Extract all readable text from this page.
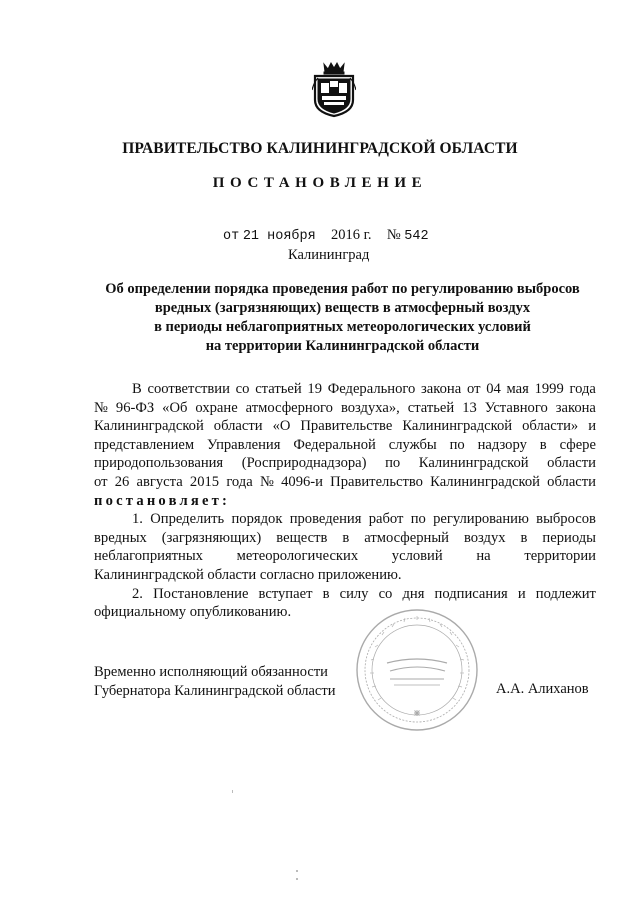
ПРАВИТЕЛЬСТВО КАЛИНИНГРАДСКОЙ ОБЛАСТИ
ПОСТАНОВЛЕНИЕ
от 21 ноября 2016 г. № 542
Калининград
Об определении порядка проведения работ по регулированию выбросов
вредных (загрязняющих) веществ в атмосферный воздух
в периоды неблагоприятных метеорологических условий
на территории Калининградской области
В соответствии со статьей 19 Федерального закона от 04 мая 1999 года
№ 96-ФЗ «Об охране атмосферного воздуха», статьей 13 Уставного закона
Калининградской области «О Правительстве Калининградской области» и
представлением Управления Федеральной службы по надзору в сфере
природопользования (Росприроднадзора) по Калининградской области
от 26 августа 2015 года № 4096-и Правительство Калининградской области
постановляет:
1. Определить порядок проведения работ по регулированию выбросов
вредных (загрязняющих) веществ в атмосферный воздух в периоды
неблагоприятных метеорологических условий на территории
Калининградской области согласно приложению.
2. Постановление вступает в силу со дня подписания и подлежит
официальному опубликованию.
Временно исполняющий обязанности
Губернатора Калининградской области	А.А. Алиханов
